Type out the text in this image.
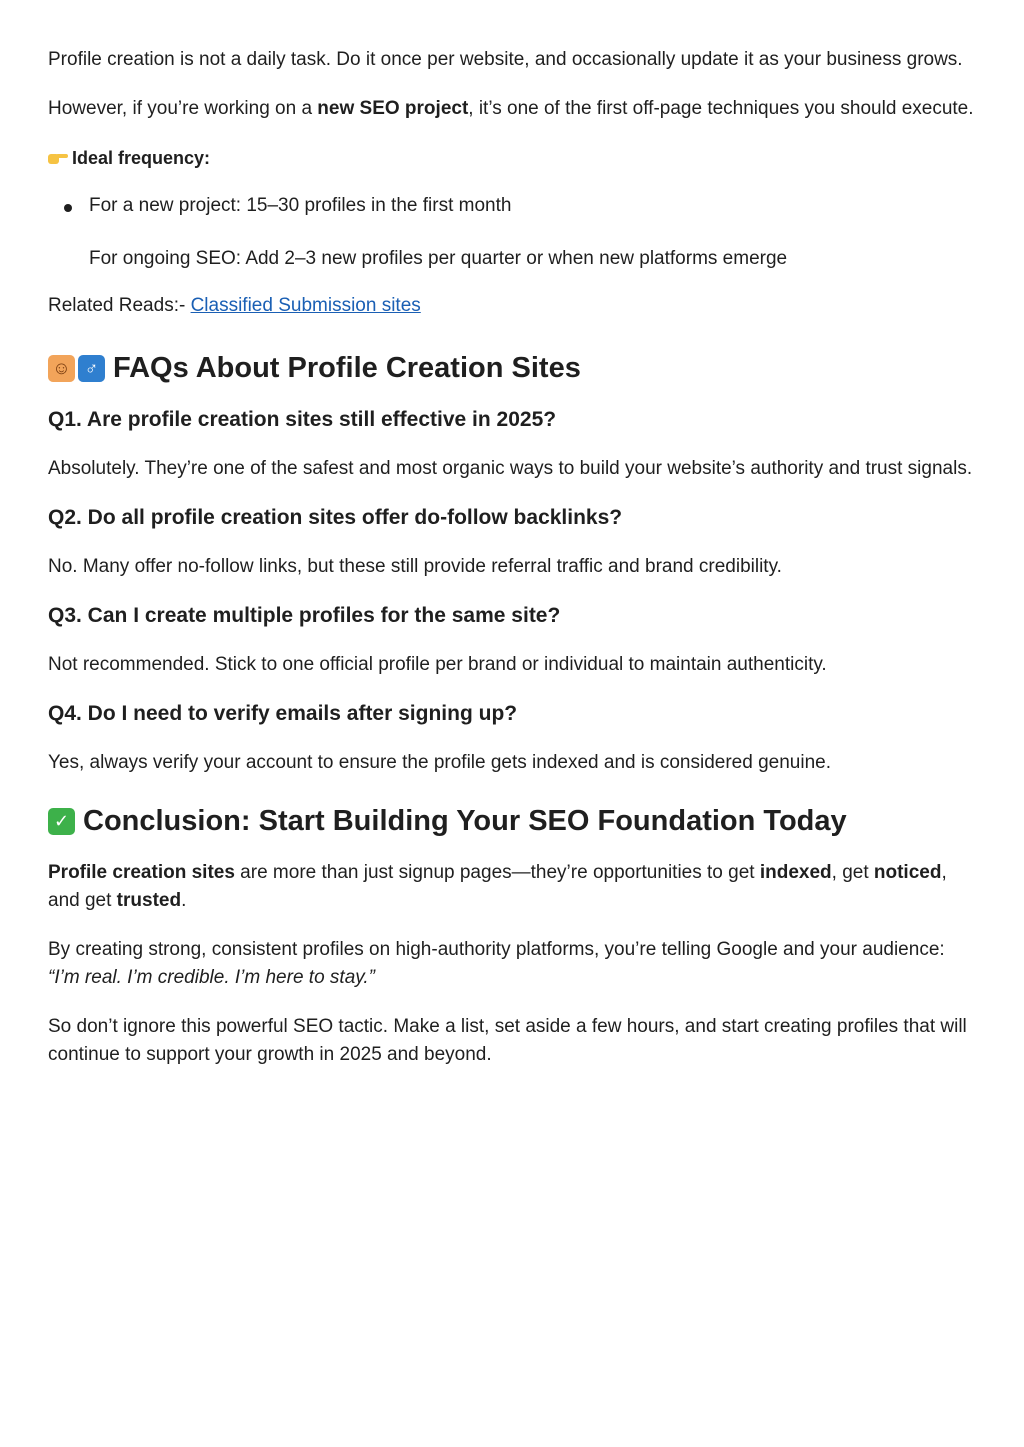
Profile creation is not a daily task. Do it once per website, and occasionally update it as your business grows.

However, if you’re working on a new SEO project, it’s one of the first off-page techniques you should execute.

Ideal frequency:
For a new project: 15–30 profiles in the first month

For ongoing SEO: Add 2–3 new profiles per quarter or when new platforms emerge

Related Reads:- Classified Submission sites

☺ ♂ FAQs About Profile Creation Sites
Q1. Are profile creation sites still effective in 2025?

Absolutely. They’re one of the safest and most organic ways to build your website’s authority and trust signals.

Q2. Do all profile creation sites offer do-follow backlinks?

No. Many offer no-follow links, but these still provide referral traffic and brand credibility.

Q3. Can I create multiple profiles for the same site?

Not recommended. Stick to one official profile per brand or individual to maintain authenticity.

Q4. Do I need to verify emails after signing up?

Yes, always verify your account to ensure the profile gets indexed and is considered genuine.

✓ Conclusion: Start Building Your SEO Foundation Today

Profile creation sites are more than just signup pages—they’re opportunities to get indexed, get noticed, and get trusted.

By creating strong, consistent profiles on high-authority platforms, you’re telling Google and your audience:
“I’m real. I’m credible. I’m here to stay.”

So don’t ignore this powerful SEO tactic. Make a list, set aside a few hours, and start creating profiles that will continue to support your growth in 2025 and beyond.
